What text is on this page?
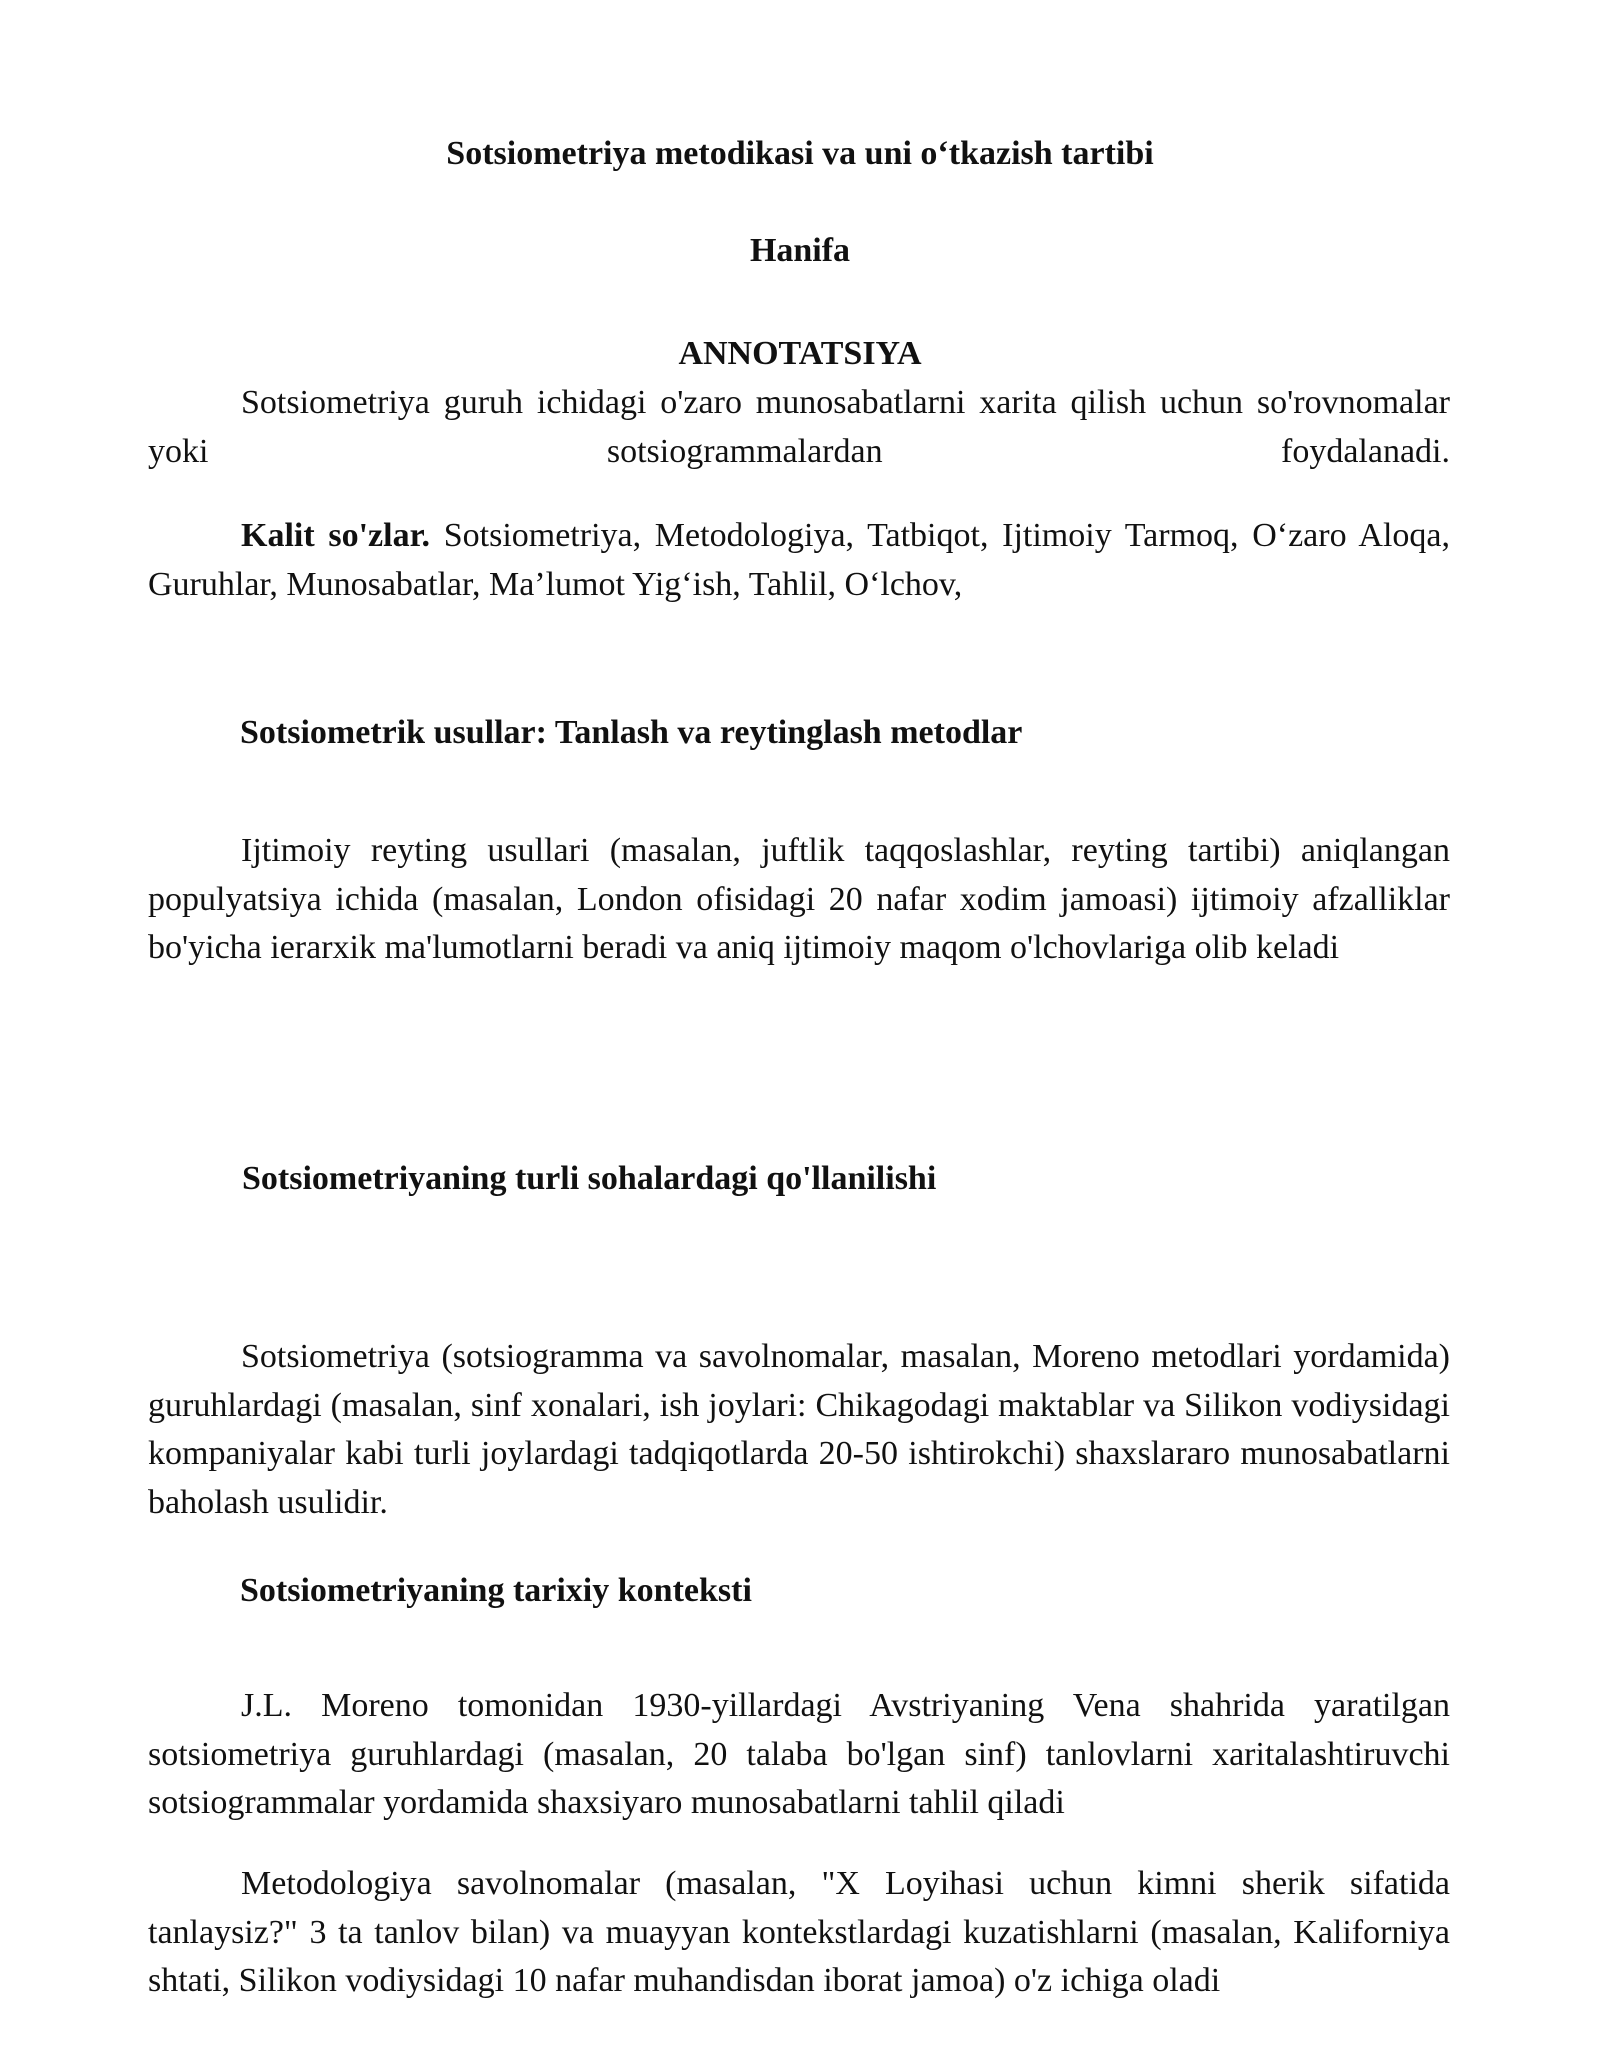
Sotsiometriya metodikasi va uni o‘tkazish tartibi
Hanifa
ANNOTATSIYA

Sotsiometriya guruh ichidagi o'zaro munosabatlarni xarita qilish uchun so'rovnomalar yoki sotsiogrammalardan foydalanadi.

Kalit so'zlar. Sotsiometriya, Metodologiya, Tatbiqot, Ijtimoiy Tarmoq, O‘zaro Aloqa, Guruhlar, Munosabatlar, Ma’lumot Yig‘ish, Tahlil, O‘lchov,

Sotsiometrik usullar: Tanlash va reytinglash metodlar

Ijtimoiy reyting usullari (masalan, juftlik taqqoslashlar, reyting tartibi) aniqlangan populyatsiya ichida (masalan, London ofisidagi 20 nafar xodim jamoasi) ijtimoiy afzalliklar bo'yicha ierarxik ma'lumotlarni beradi va aniq ijtimoiy maqom o'lchovlariga olib keladi

Sotsiometriyaning turli sohalardagi qo'llanilishi

Sotsiometriya (sotsiogramma va savolnomalar, masalan, Moreno metodlari yordamida) guruhlardagi (masalan, sinf xonalari, ish joylari: Chikagodagi maktablar va Silikon vodiysidagi kompaniyalar kabi turli joylardagi tadqiqotlarda 20-50 ishtirokchi) shaxslararo munosabatlarni baholash usulidir.

Sotsiometriyaning tarixiy konteksti

J.L. Moreno tomonidan 1930-yillardagi Avstriyaning Vena shahrida yaratilgan sotsiometriya guruhlardagi (masalan, 20 talaba bo'lgan sinf) tanlovlarni xaritalashtiruvchi sotsiogrammalar yordamida shaxsiyaro munosabatlarni tahlil qiladi

Metodologiya savolnomalar (masalan, "X Loyihasi uchun kimni sherik sifatida tanlaysiz?" 3 ta tanlov bilan) va muayyan kontekstlardagi kuzatishlarni (masalan, Kaliforniya shtati, Silikon vodiysidagi 10 nafar muhandisdan iborat jamoa) o'z ichiga oladi
